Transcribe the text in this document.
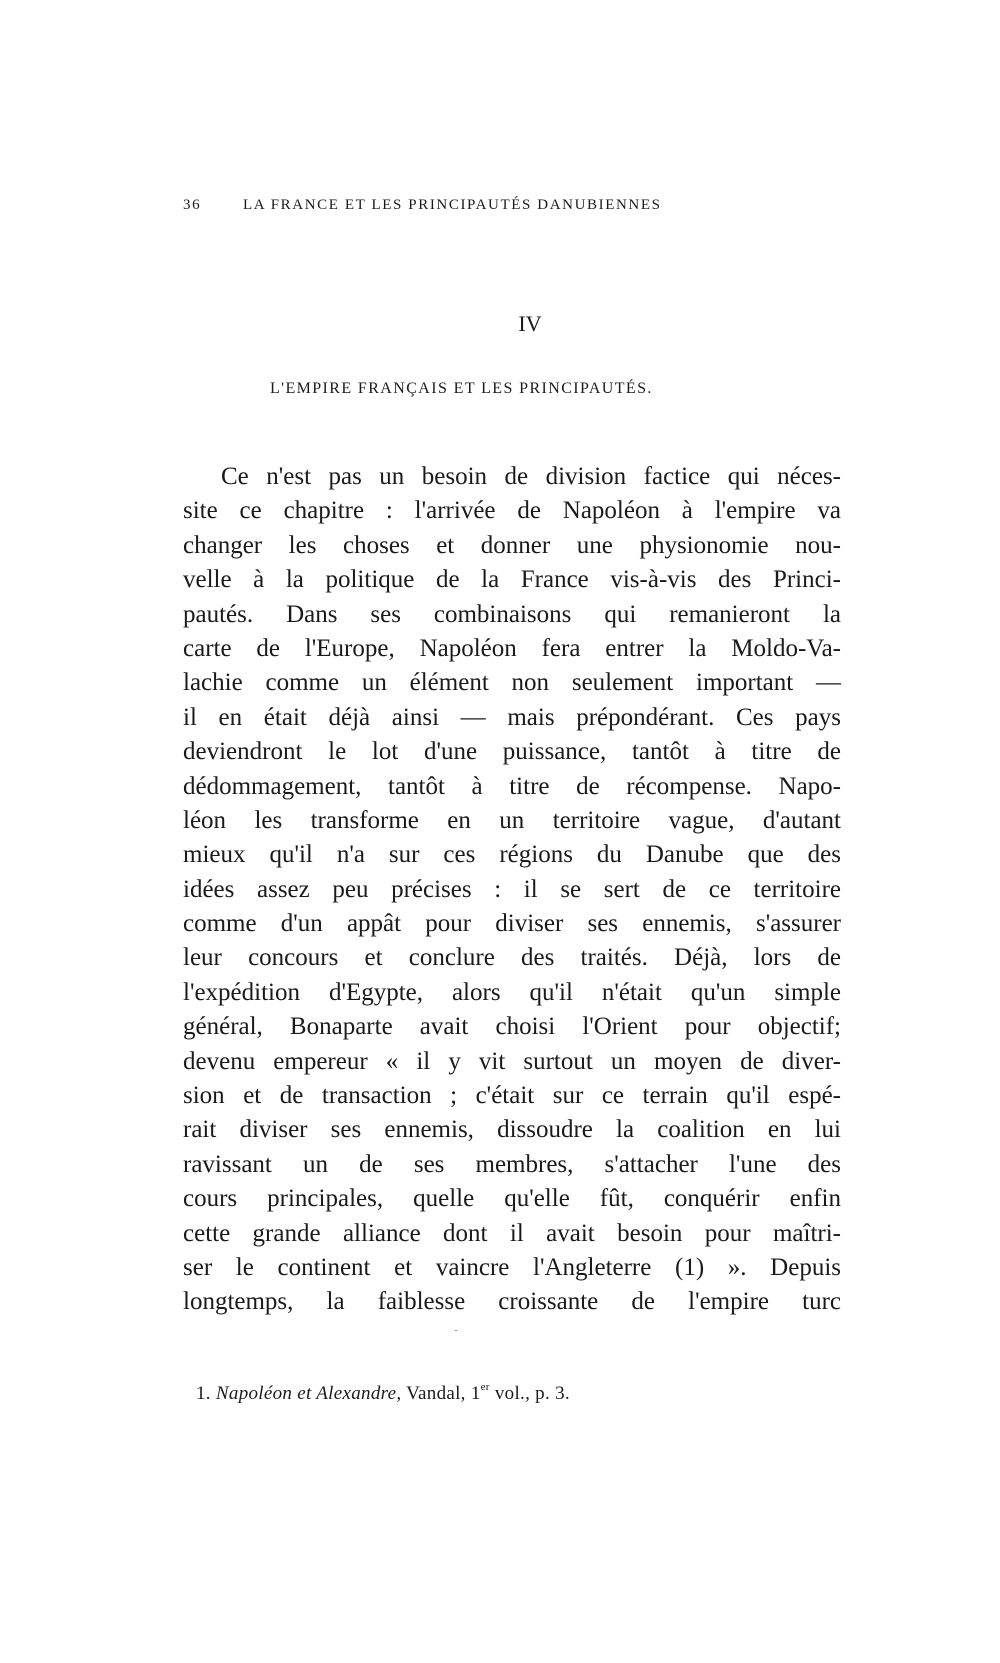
36	LA FRANCE ET LES PRINCIPAUTÉS DANUBIENNES
IV
L'EMPIRE FRANÇAIS ET LES PRINCIPAUTÉS.
Ce n'est pas un besoin de division factice qui néces-
site ce chapitre : l'arrivée de Napoléon à l'empire va
changer les choses et donner une physionomie nou-
velle à la politique de la France vis-à-vis des Princi-
pautés. Dans ses combinaisons qui remanieront la
carte de l'Europe, Napoléon fera entrer la Moldo-Va-
lachie comme un élément non seulement important —
il en était déjà ainsi — mais prépondérant. Ces pays
deviendront le lot d'une puissance, tantôt à titre de
dédommagement, tantôt à titre de récompense. Napo-
léon les transforme en un territoire vague, d'autant
mieux qu'il n'a sur ces régions du Danube que des
idées assez peu précises : il se sert de ce territoire
comme d'un appât pour diviser ses ennemis, s'assurer
leur concours et conclure des traités. Déjà, lors de
l'expédition d'Egypte, alors qu'il n'était qu'un simple
général, Bonaparte avait choisi l'Orient pour objectif;
devenu empereur « il y vit surtout un moyen de diver-
sion et de transaction ; c'était sur ce terrain qu'il espé-
rait diviser ses ennemis, dissoudre la coalition en lui
ravissant un de ses membres, s'attacher l'une des
cours principales, quelle qu'elle fût, conquérir enfin
cette grande alliance dont il avait besoin pour maîtri-
ser le continent et vaincre l'Angleterre (1) ». Depuis
longtemps, la faiblesse croissante de l'empire turc
1. Napoléon et Alexandre, Vandal, 1er vol., p. 3.
